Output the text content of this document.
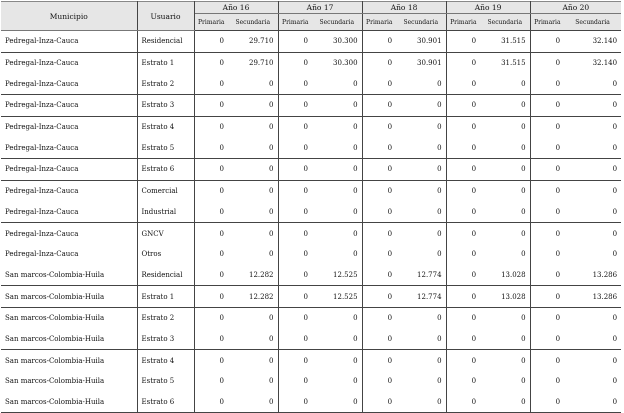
Municipio	Usuario	Año 16		Año 17		Año 18		Año 19		Año 20	
		Primaria	Secundaria	Primaria	Secundaria	Primaria	Secundaria	Primaria	Secundaria	Primaria	Secundaria
Pedregal-Inza-Cauca	Residencial	0	29.710	0	30.300	0	30.901	0	31.515	0	32.140
Pedregal-Inza-Cauca	Estrato 1	0	29.710	0	30.300	0	30.901	0	31.515	0	32.140
Pedregal-Inza-Cauca	Estrato 2	0	0	0	0	0	0	0	0	0	0
Pedregal-Inza-Cauca	Estrato 3	0	0	0	0	0	0	0	0	0	0
Pedregal-Inza-Cauca	Estrato 4	0	0	0	0	0	0	0	0	0	0
Pedregal-Inza-Cauca	Estrato 5	0	0	0	0	0	0	0	0	0	0
Pedregal-Inza-Cauca	Estrato 6	0	0	0	0	0	0	0	0	0	0
Pedregal-Inza-Cauca	Comercial	0	0	0	0	0	0	0	0	0	0
Pedregal-Inza-Cauca	Industrial	0	0	0	0	0	0	0	0	0	0
Pedregal-Inza-Cauca	GNCV	0	0	0	0	0	0	0	0	0	0
Pedregal-Inza-Cauca	Otros	0	0	0	0	0	0	0	0	0	0
San marcos-Colombia-Huila	Residencial	0	12.282	0	12.525	0	12.774	0	13.028	0	13.286
San marcos-Colombia-Huila	Estrato 1	0	12.282	0	12.525	0	12.774	0	13.028	0	13.286
San marcos-Colombia-Huila	Estrato 2	0	0	0	0	0	0	0	0	0	0
San marcos-Colombia-Huila	Estrato 3	0	0	0	0	0	0	0	0	0	0
San marcos-Colombia-Huila	Estrato 4	0	0	0	0	0	0	0	0	0	0
San marcos-Colombia-Huila	Estrato 5	0	0	0	0	0	0	0	0	0	0
San marcos-Colombia-Huila	Estrato 6	0	0	0	0	0	0	0	0	0	0
